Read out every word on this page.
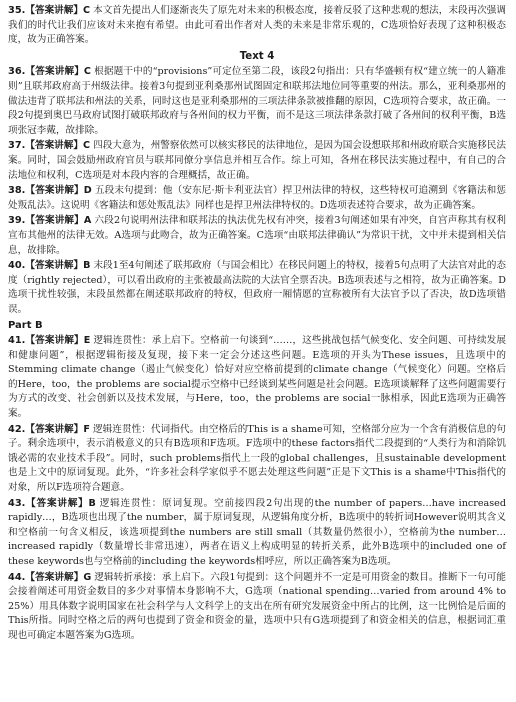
35.【答案讲解】C 本文首先提出人们逐渐丧失了原先对未来的积极态度，接着反驳了这种悲观的想法，末段再次强调我们的时代让我们应该对未来抱有希望。由此可看出作者对人类的未来是非常乐观的，C选项恰好表现了这种积极态度，故为正确答案。

Text 4

36.【答案讲解】C 根据题干中的“provisions”可定位至第二段，该段2句指出：只有华盛顿有权“建立统一的人籍准则”且联邦政府高于州级法律。接着3句提到亚利桑那州试图固定和联邦法地位同等重要的州法。那么，亚利桑那州的做法违背了联邦法和州法的关系，同时这也是亚利桑那州的三项法律条款被推翻的原因，C选项符合要求，故正确。一段2句提到奥巴马政府试图打破联邦政府与各州间的权力平衡，而不是这三项法律条款打破了各州间的权利平衡，B选项张冠李戴，故排除。

37.【答案讲解】C 四段大意为，州警察依然可以核实移民的法律地位，是因为国会设想联邦和州政府联合实施移民法案。同时，国会鼓励州政府官员与联邦同僚分享信息并相互合作。综上可知，各州在移民法实施过程中，有自己的合法地位和权利，C选项是对本段内容的合理概括，故正确。

38.【答案讲解】D 五段末句提到：他（安东尼·斯卡利亚法官）捍卫州法律的特权，这些特权可追溯到《客籍法和惩处叛乱法》。这说明《客籍法和惩处叛乱法》同样也是捍卫州法律特权的。D选项表述符合要求，故为正确答案。

39.【答案讲解】A 六段2句说明州法律和联邦法的执法优先权有冲突，接着3句阐述如果有冲突，自宫声称其有权利宣布其他州的法律无效。A选项与此吻合，故为正确答案。C选项“由联邦法律确认”为常识干扰，文中并未提到相关信息，故排除。

40.【答案讲解】B 末段1至4句阐述了联邦政府（与国会相比）在移民问题上的特权，接着5句点明了大法官对此的态度（rightly rejected），可以看出政府的主张被最高法院的大法官全票否决。B选项表述与之相符，故为正确答案。D选项干扰性较强，末段虽然都在阐述联邦政府的特权，但政府一厢情愿的宣称被所有大法官予以了否决，故D选项错误。

Part B

41.【答案讲解】E 逻辑连贯性：承上启下。空格前一句谈到“……，这些挑战包括气候变化、安全问题、可持续发展和健康问题”，根据逻辑衔接及复现，接下来一定会分述这些问题。E选项的开头为These issues，且选项中的Stemming climate change（遏止气候变化）恰好对应空格前提到的climate change（气候变化）问题。空格后的Here，too，the problems are social提示空格中已经谈到某些问题是社会问题。E选项谈解释了这些问题需要行为方式的改变、社会创新以及技术发展，与Here，too，the problems are social一脉相承，因此E选项为正确答案。

42.【答案讲解】F 逻辑连贯性：代词指代。由空格后的This is a shame可知，空格部分应为一个含有消极信息的句子。剩余选项中，表示消极意义的只有B选项和F选项。F选项中的these factors指代二段提到的“人类行为和消除饥饿必需的农业技术手段”。同时，such problems指代上一段的global challenges，且sustainable development也是上文中的原词复现。此外，“许多社会科学家似乎不愿去处理这些问题”正是下文This is a shame中This指代的对象，所以F选项符合题意。

43.【答案讲解】B 逻辑连贯性：原词复现。空前接四段2句出现的the number of papers…have increased rapidly…，B选项也出现了the number，属于原词复现，从逻辑角度分析，B选项中的转折词However说明其含义和空格前一句含义相反，该选项提到the numbers are still small（其数量仍然很小），空格前为the number…increased rapidly（数量增长非常迅速），两者在语义上构成明显的转折关系，此外B选项中的included one of these keywords也与空格前的including the keywords相呼应，所以正确答案为B选项。

44.【答案讲解】G 逻辑转折承接：承上启下。六段1句提到：这个问题并不一定是可用资金的数目。推断下一句可能会接着阐述可用资金数目的多少对事情本身影响不大，G选项（national spending…varied from around 4% to 25%）用具体数字说明国家在社会科学与人文科学上的支出在所有研究发展资金中所占的比例，这一比例恰是后面的This所指。同时空格之后的两句也提到了资金和资金的量，选项中只有G选项提到了和资金相关的信息，根据词汇重现也可确定本题答案为G选项。
